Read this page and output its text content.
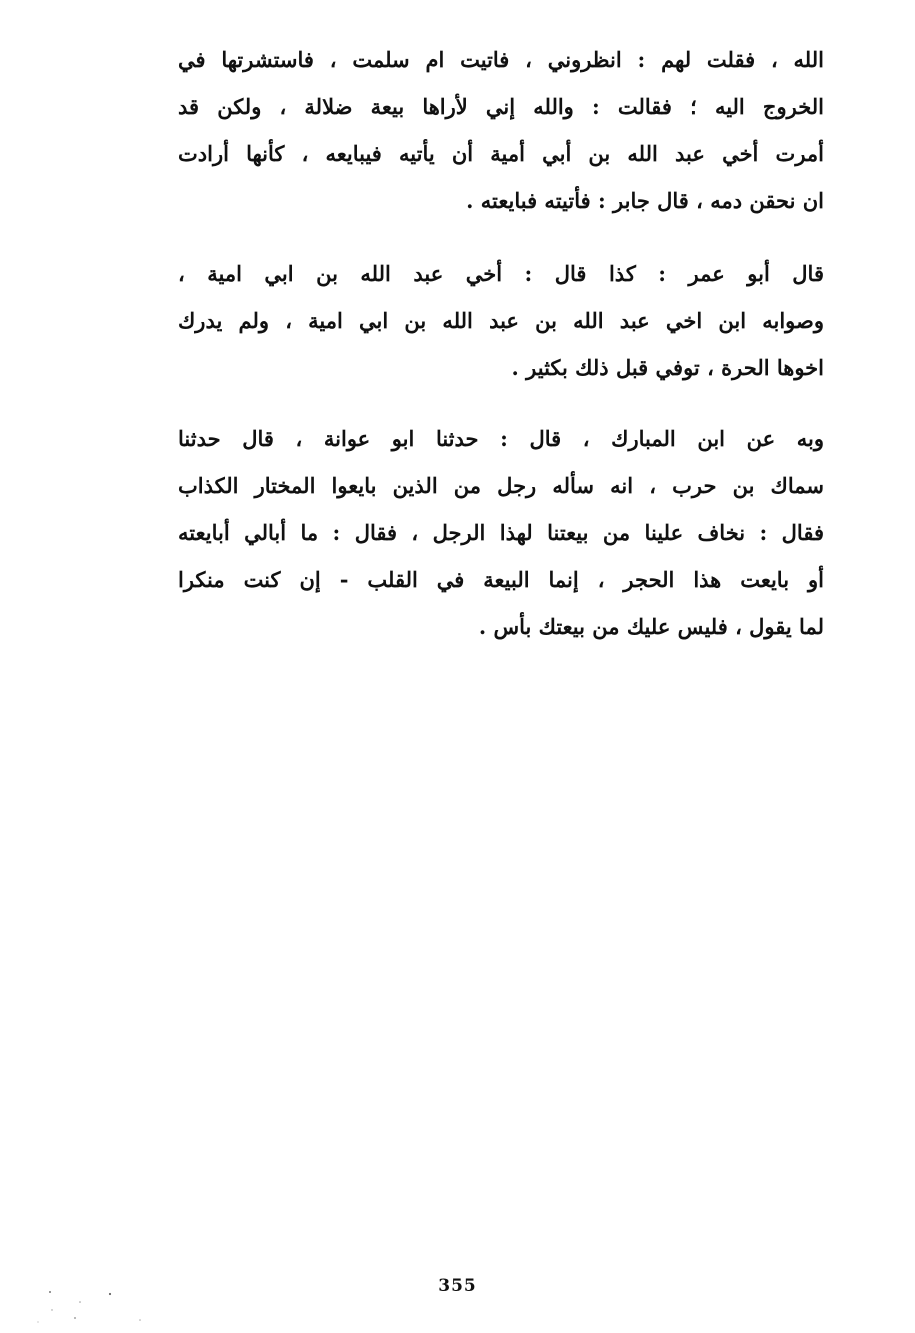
الله ، فقلت لهم : انظروني ، فاتيت ام سلمت ، فاستشرتها في
الخروج اليه ؛ فقالت : والله إني لأراها بيعة ضلالة ، ولكن قد
أمرت أخي عبد الله بن أبي أمية أن يأتيه فيبايعه ، كأنها أرادت
ان نحقن دمه ، قال جابر : فأتيته فبايعته .
قال أبو عمر : كذا قال : أخي عبد الله بن ابي امية ،
وصوابه ابن اخي عبد الله بن عبد الله بن ابي امية ، ولم يدرك
اخوها الحرة ، توفي قبل ذلك بكثير .
وبه عن ابن المبارك ، قال : حدثنا ابو عوانة ، قال حدثنا
سماك بن حرب ، انه سأله رجل من الذين بايعوا المختار الكذاب
فقال : نخاف علينا من بيعتنا لهذا الرجل ، فقال : ما أبالي أبايعته
أو بايعت هذا الحجر ، إنما البيعة في القلب - إن كنت منكرا
لما يقول ، فليس عليك من بيعتك بأس .
355
